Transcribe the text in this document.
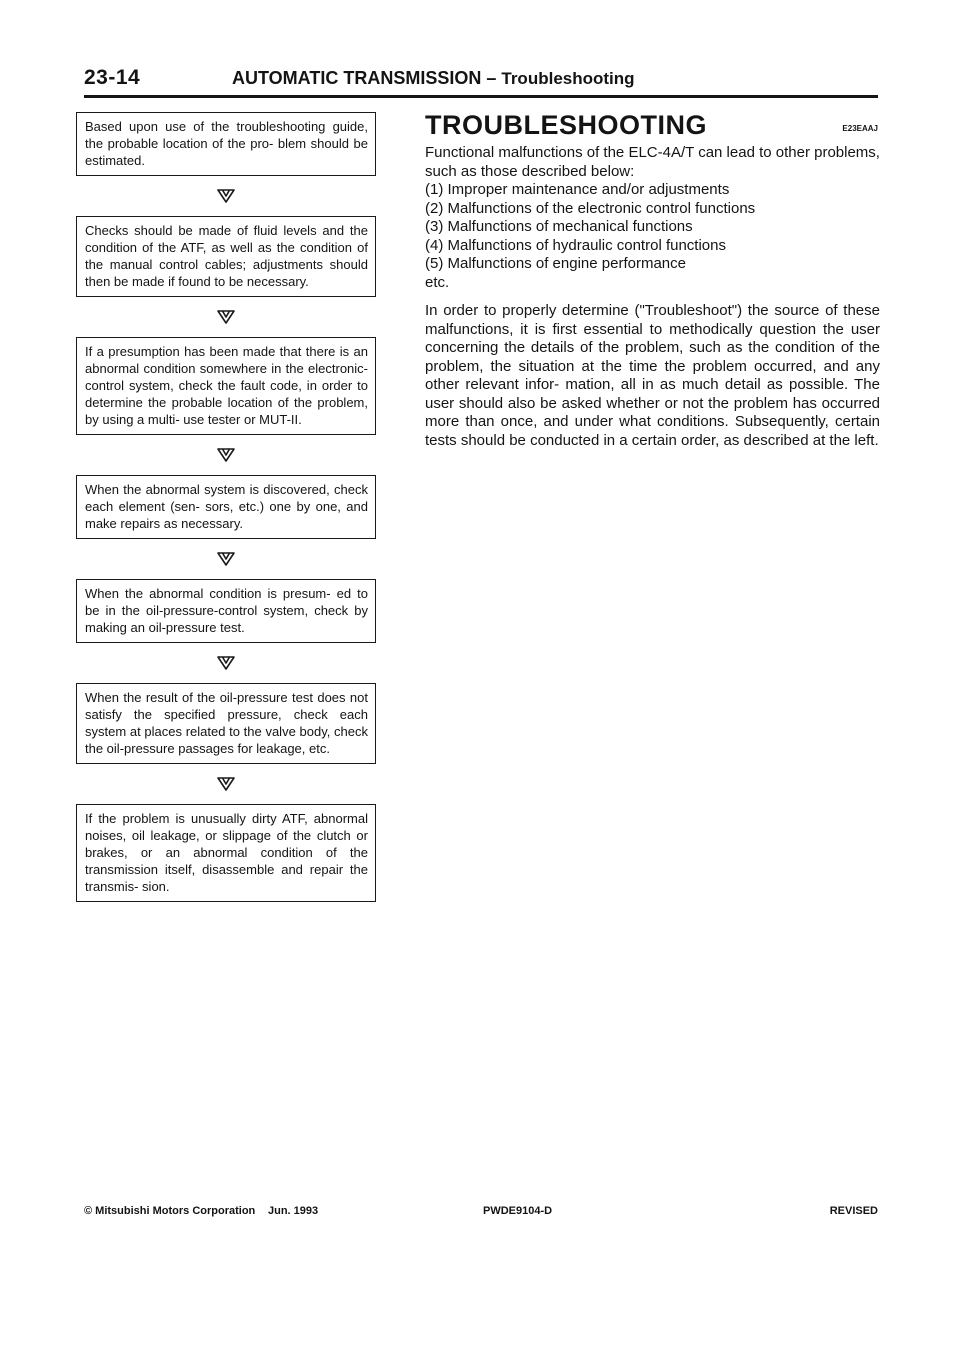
23-14	AUTOMATIC TRANSMISSION – Troubleshooting
Based upon use of the troubleshooting guide, the probable location of the pro- blem should be estimated.
Checks should be made of fluid levels and the condition of the ATF, as well as the condition of the manual control cables; adjustments should then be made if found to be necessary.
If a presumption has been made that there is an abnormal condition somewhere in the electronic-control system, check the fault code, in order to determine the probable location of the problem, by using a multi- use tester or MUT-II.
When the abnormal system is discovered, check each element (sen- sors, etc.) one by one, and make repairs as necessary.
When the abnormal condition is presum- ed to be in the oil-pressure-control system, check by making an oil-pressure test.
When the result of the oil-pressure test does not satisfy the specified pressure, check each system at places related to the valve body, check the oil-pressure passages for leakage, etc.
If the problem is unusually dirty ATF, abnormal noises, oil leakage, or slippage of the clutch or brakes, or an abnormal condition of the transmission itself, disassemble and repair the transmis- sion.
TROUBLESHOOTING	E23EAAJ

Functional malfunctions of the ELC-4A/T can lead to other problems, such as those described below:

(1) Improper maintenance and/or adjustments
(2) Malfunctions of the electronic control functions
(3) Malfunctions of mechanical functions
(4) Malfunctions of hydraulic control functions
(5) Malfunctions of engine performance

etc.

In order to properly determine ("Troubleshoot") the source of these malfunctions, it is first essential to methodically question the user concerning the details of the problem, such as the condition of the problem, the situation at the time the problem occurred, and any other relevant infor- mation, all in as much detail as possible. The user should also be asked whether or not the problem has occurred more than once, and under what conditions. Subsequently, certain tests should be conducted in a certain order, as described at the left.

© Mitsubishi Motors Corporation Jun. 1993	PWDE9104-D	REVISED
